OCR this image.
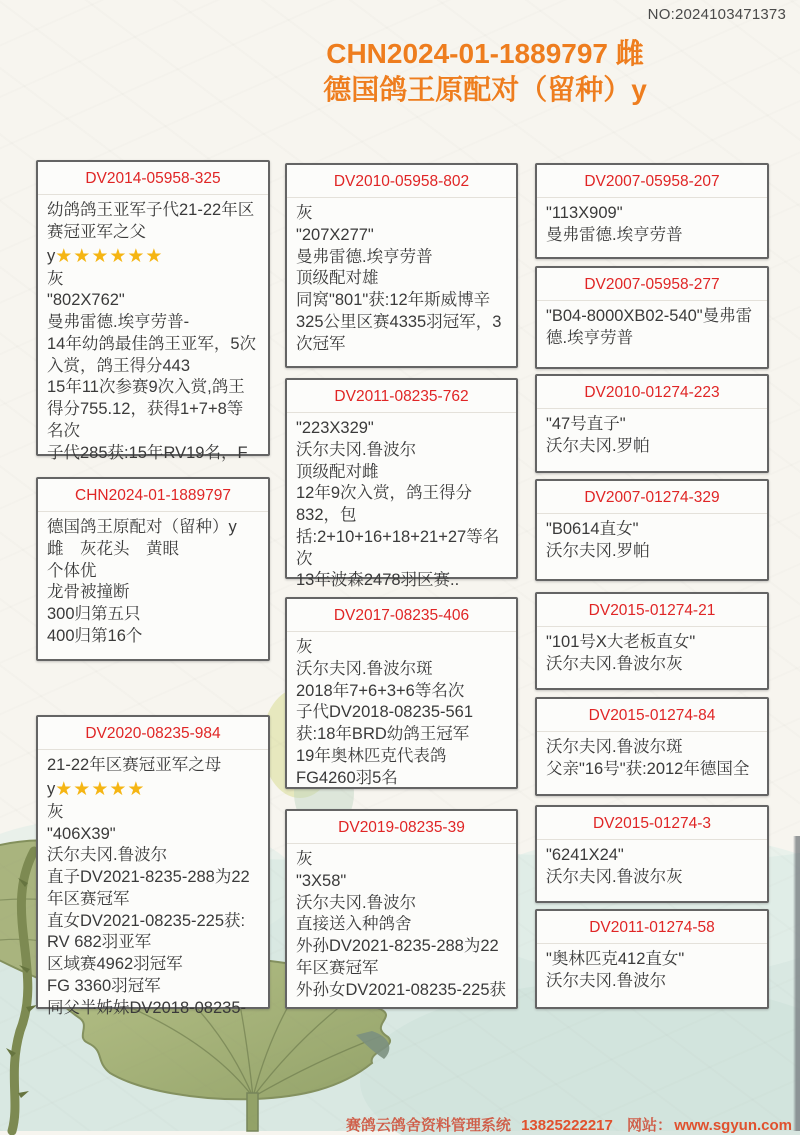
NO:2024103471373
CHN2024-01-1889797 雌
德国鸽王原配对（留种）y
DV2014-05958-325
幼鸽鸽王亚军子代21-22年区赛冠亚军之父y★★★★★★
灰
"802X762"
曼弗雷德.埃亨劳普-
14年幼鸽最佳鸽王亚军，5次入赏，鸽王得分443
15年11次参赛9次入赏,鸽王得分755.12，获得1+7+8等名次
子代285获:15年RV19名，F
CHN2024-01-1889797
德国鸽王原配对（留种）y
雌　灰花头　黄眼
个体优
龙骨被撞断
300归第五只
400归第16个
DV2020-08235-984
21-22年区赛冠亚军之母y★★★★★
灰
"406X39"
沃尔夫冈.鲁波尔
直子DV2021-8235-288为22年区赛冠军
直女DV2021-08235-225获:
RV 682羽亚军
区域赛4962羽冠军
FG 3360羽冠军
同父半姊妹DV2018-08235-
DV2010-05958-802
灰
"207X277"
曼弗雷德.埃亨劳普
顶级配对雄
同窝"801"获:12年斯威博辛325公里区赛4335羽冠军，3次冠军
DV2011-08235-762
"223X329"
沃尔夫冈.鲁波尔
顶级配对雌
12年9次入赏，鸽王得分832，包括:2+10+16+18+21+27等名次
13年波森2478羽区赛..
DV2017-08235-406
灰
沃尔夫冈.鲁波尔斑
2018年7+6+3+6等名次
子代DV2018-08235-561
获:18年BRD幼鸽王冠军
19年奥林匹克代表鸽
FG4260羽5名
DV2019-08235-39
灰
"3X58"
沃尔夫冈.鲁波尔
直接送入种鸽舍
外孙DV2021-8235-288为22年区赛冠军
外孙女DV2021-08235-225获
DV2007-05958-207
"113X909"
曼弗雷德.埃亨劳普
DV2007-05958-277
"B04-8000XB02-540"曼弗雷德.埃亨劳普
DV2010-01274-223
"47号直子"
沃尔夫冈.罗帕
DV2007-01274-329
"B0614直女"
沃尔夫冈.罗帕
DV2015-01274-21
"101号X大老板直女"
沃尔夫冈.鲁波尔灰
DV2015-01274-84
沃尔夫冈.鲁波尔斑
父亲"16号"获:2012年德国全
DV2015-01274-3
"6241X24"
沃尔夫冈.鲁波尔灰
DV2011-01274-58
"奥林匹克412直女"
沃尔夫冈.鲁波尔
赛鸽云鸽舍资料管理系统 13825222217 网站： www.sgyun.com
